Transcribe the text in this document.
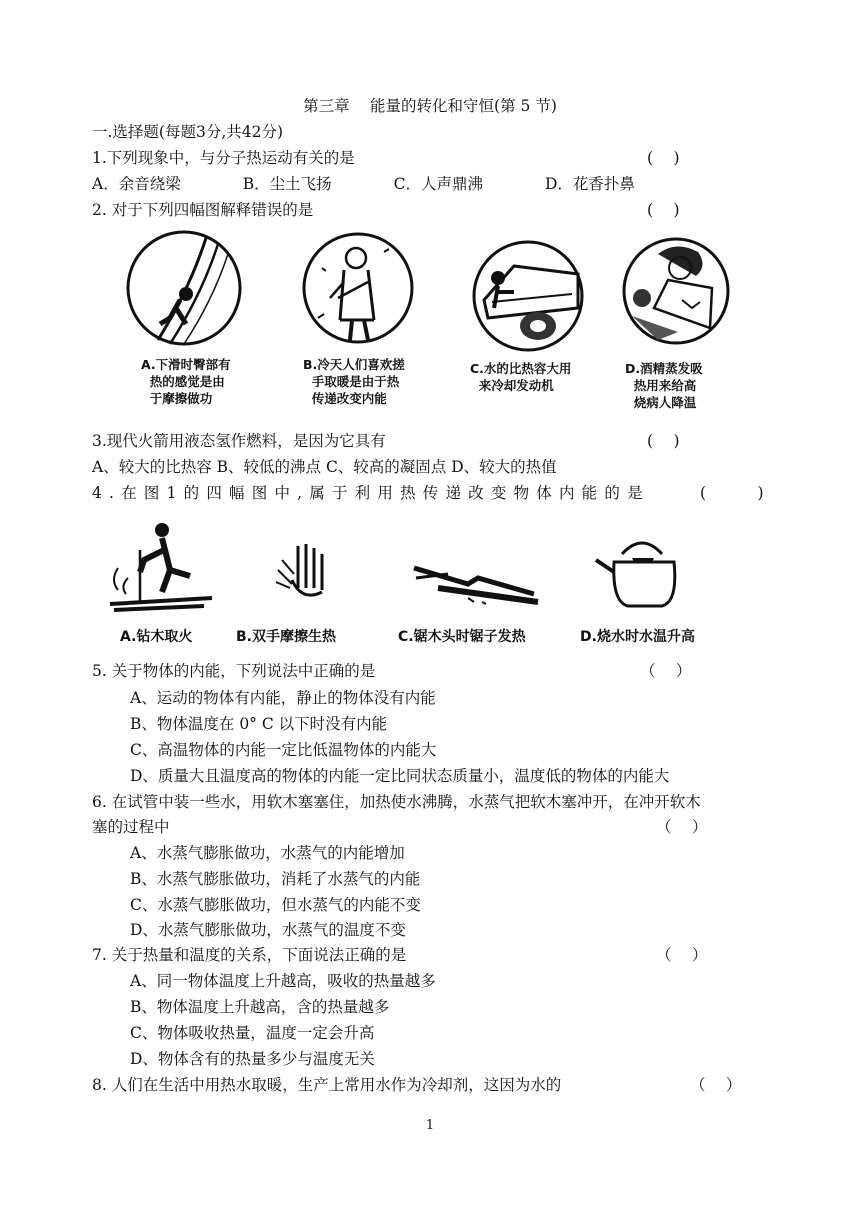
第三章　 能量的转化和守恒(第 5 节)
一.选择题(每题3分,共42分)
1.下列现象中，与分子热运动有关的是	(　 )
A．余音绕梁　　　　B．尘土飞扬　　　　C．人声鼎沸　　　　D．花香扑鼻
2. 对于下列四幅图解释错误的是	(　 )
A.下滑时臀部有
热的感觉是由
于摩擦做功
B.冷天人们喜欢搓
手取暖是由于热
传递改变内能
C.水的比热容大用
来冷却发动机
D.酒精蒸发吸
热用来给高
烧病人降温
3.现代火箭用液态氢作燃料，是因为它具有	(　 )
A、较大的比热容 B、较低的沸点 C、较高的凝固点 D、较大的热值
4.在图1的四幅图中,属于利用热传递改变物体内能的是	(　　　 )
A.钻木取火	B.双手摩擦生热	C.锯木头时锯子发热	D.烧水时水温升高
5. 关于物体的内能，下列说法中正确的是	（　 ）
A、运动的物体有内能，静止的物体没有内能
B、物体温度在 0° C 以下时没有内能
C、高温物体的内能一定比低温物体的内能大
D、质量大且温度高的物体的内能一定比同状态质量小，温度低的物体的内能大
6. 在试管中装一些水，用软木塞塞住，加热使水沸腾，水蒸气把软木塞冲开，在冲开软木
塞的过程中	（　 ）
A、水蒸气膨胀做功，水蒸气的内能增加
B、水蒸气膨胀做功，消耗了水蒸气的内能
C、水蒸气膨胀做功，但水蒸气的内能不变
D、水蒸气膨胀做功，水蒸气的温度不变
7. 关于热量和温度的关系，下面说法正确的是	（　 ）
A、同一物体温度上升越高，吸收的热量越多
B、物体温度上升越高，含的热量越多
C、物体吸收热量，温度一定会升高
D、物体含有的热量多少与温度无关
8. 人们在生活中用热水取暖，生产上常用水作为冷却剂，这因为水的	（　 ）
1
